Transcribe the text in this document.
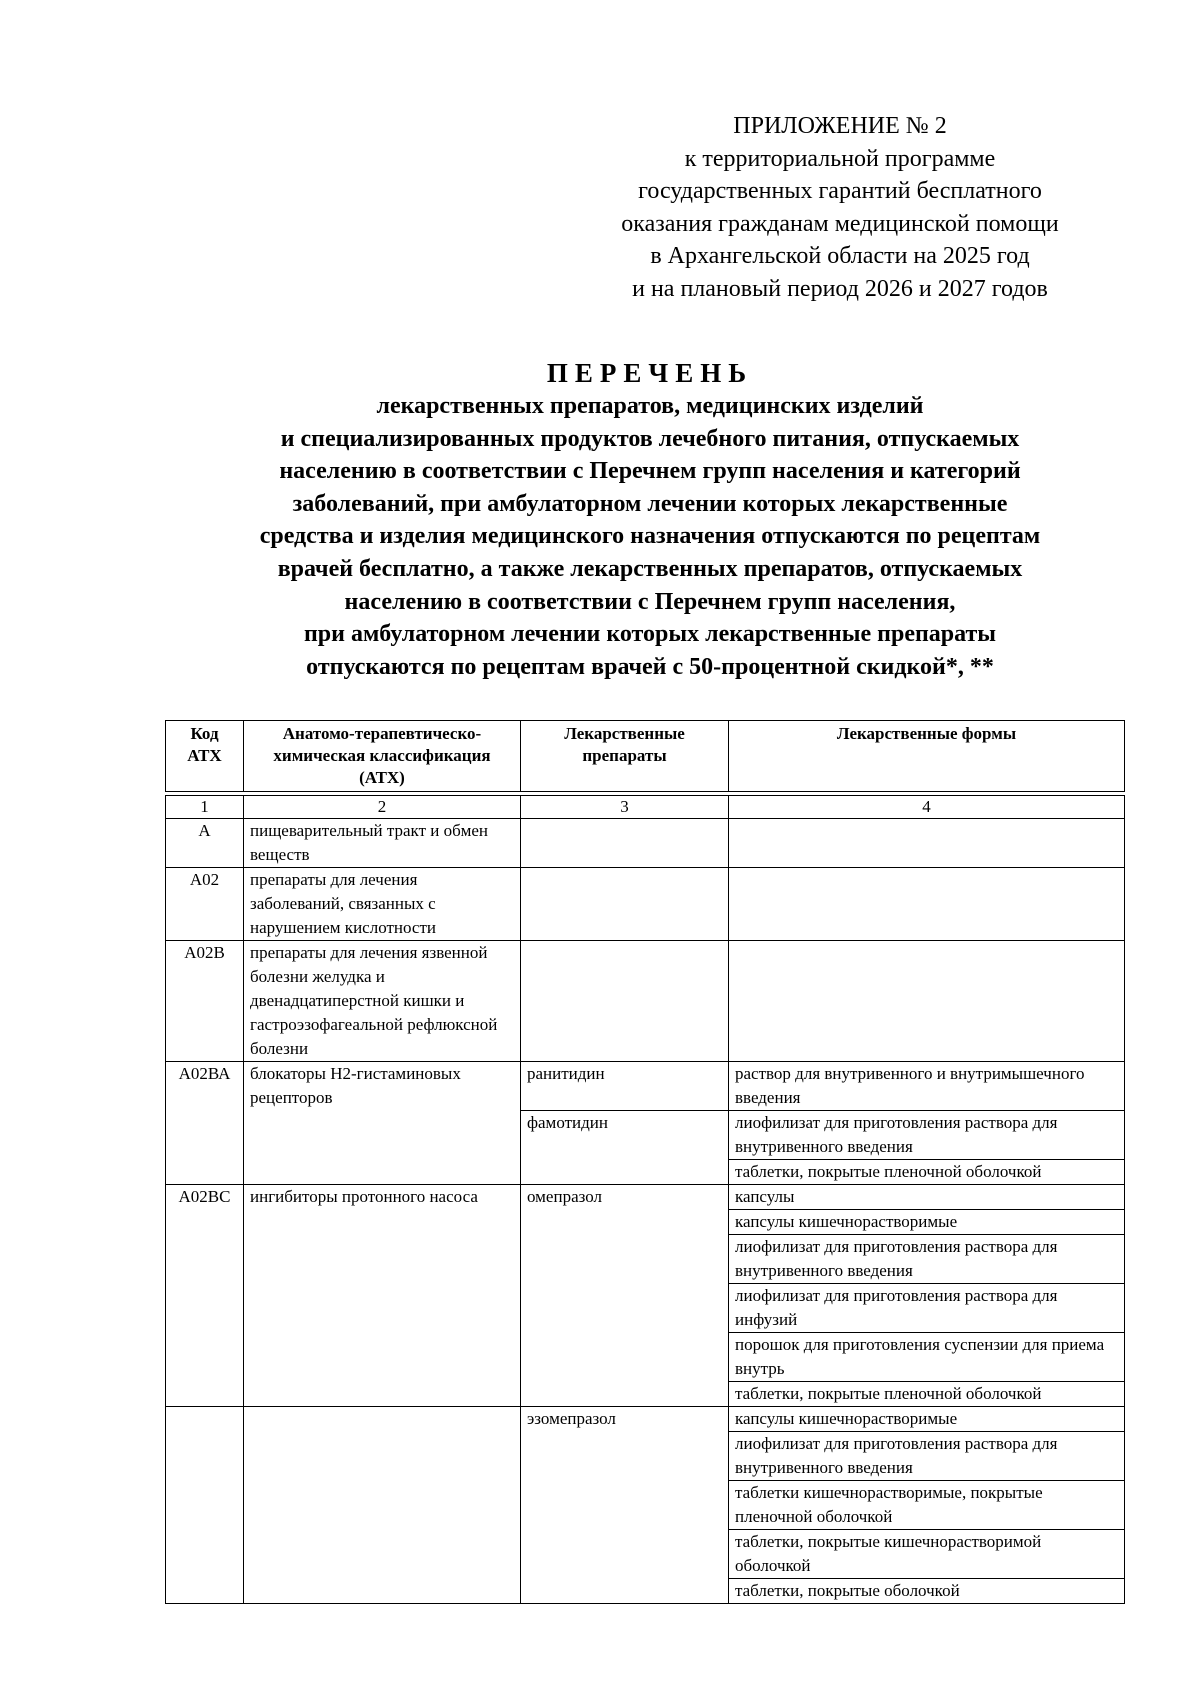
ПРИЛОЖЕНИЕ № 2
к территориальной программе
государственных гарантий бесплатного
оказания гражданам медицинской помощи
в Архангельской области на 2025 год
и на плановый период 2026 и 2027 годов
ПЕРЕЧЕНЬ
лекарственных препаратов, медицинских изделий
и специализированных продуктов лечебного питания, отпускаемых
населению в соответствии с Перечнем групп населения и категорий
заболеваний, при амбулаторном лечении которых лекарственные
средства и изделия медицинского назначения отпускаются по рецептам
врачей бесплатно, а также лекарственных препаратов, отпускаемых
населению в соответствии с Перечнем групп населения,
при амбулаторном лечении которых лекарственные препараты
отпускаются по рецептам врачей с 50-процентной скидкой*, **
Код АТХ	Анатомо-терапевтическо-химическая классификация (АТХ)	Лекарственные препараты	Лекарственные формы

1	2	3	4
А	пищеварительный тракт и обмен веществ		
А02	препараты для лечения заболеваний, связанных с нарушением кислотности		
А02В	препараты для лечения язвенной болезни желудка и двенадцатиперстной кишки и гастроэзофагеальной рефлюксной болезни		
А02ВА	блокаторы Н2-гистаминовых рецепторов	ранитидин	раствор для внутривенного и внутримышечного введения
		фамотидин	лиофилизат для приготовления раствора для внутривенного введения
			таблетки, покрытые пленочной оболочкой
А02ВС	ингибиторы протонного насоса	омепразол	капсулы
			капсулы кишечнорастворимые
			лиофилизат для приготовления раствора для внутривенного введения
			лиофилизат для приготовления раствора для инфузий
			порошок для приготовления суспензии для приема внутрь
			таблетки, покрытые пленочной оболочкой
		эзомепразол	капсулы кишечнорастворимые
			лиофилизат для приготовления раствора для внутривенного введения
			таблетки кишечнорастворимые, покрытые пленочной оболочкой
			таблетки, покрытые кишечнорастворимой оболочкой
			таблетки, покрытые оболочкой
